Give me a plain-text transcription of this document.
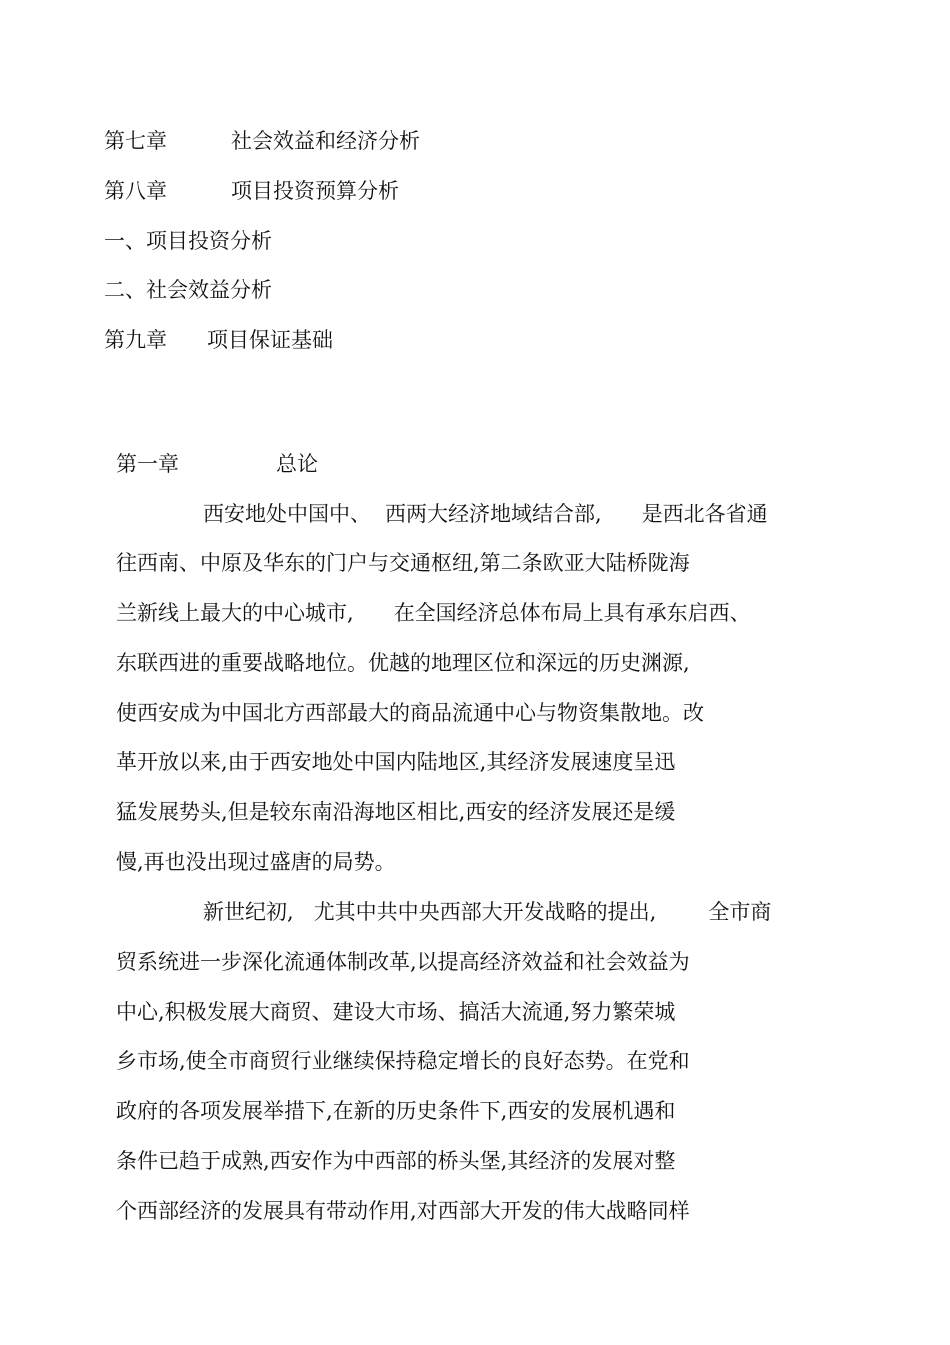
第七章	社会效益和经济分析
第八章	项目投资预算分析
一、项目投资分析
二、社会效益分析
第九章 项目保证基础
第一章	总论
西安地处中国中、 西两大经济地域结合部, 是西北各省通
往西南、中原及华东的门户与交通枢纽,第二条欧亚大陆桥陇海
兰新线上最大的中心城市, 在全国经济总体布局上具有承东启西、
东联西进的重要战略地位。优越的地理区位和深远的历史渊源,
使西安成为中国北方西部最大的商品流通中心与物资集散地。改
革开放以来,由于西安地处中国内陆地区,其经济发展速度呈迅
猛发展势头,但是较东南沿海地区相比,西安的经济发展还是缓
慢,再也没出现过盛唐的局势。
新世纪初, 尤其中共中央西部大开发战略的提出, 全市商
贸系统进一步深化流通体制改革,以提高经济效益和社会效益为
中心,积极发展大商贸、建设大市场、搞活大流通,努力繁荣城
乡市场,使全市商贸行业继续保持稳定增长的良好态势。在党和
政府的各项发展举措下,在新的历史条件下,西安的发展机遇和
条件已趋于成熟,西安作为中西部的桥头堡,其经济的发展对整
个西部经济的发展具有带动作用,对西部大开发的伟大战略同样
